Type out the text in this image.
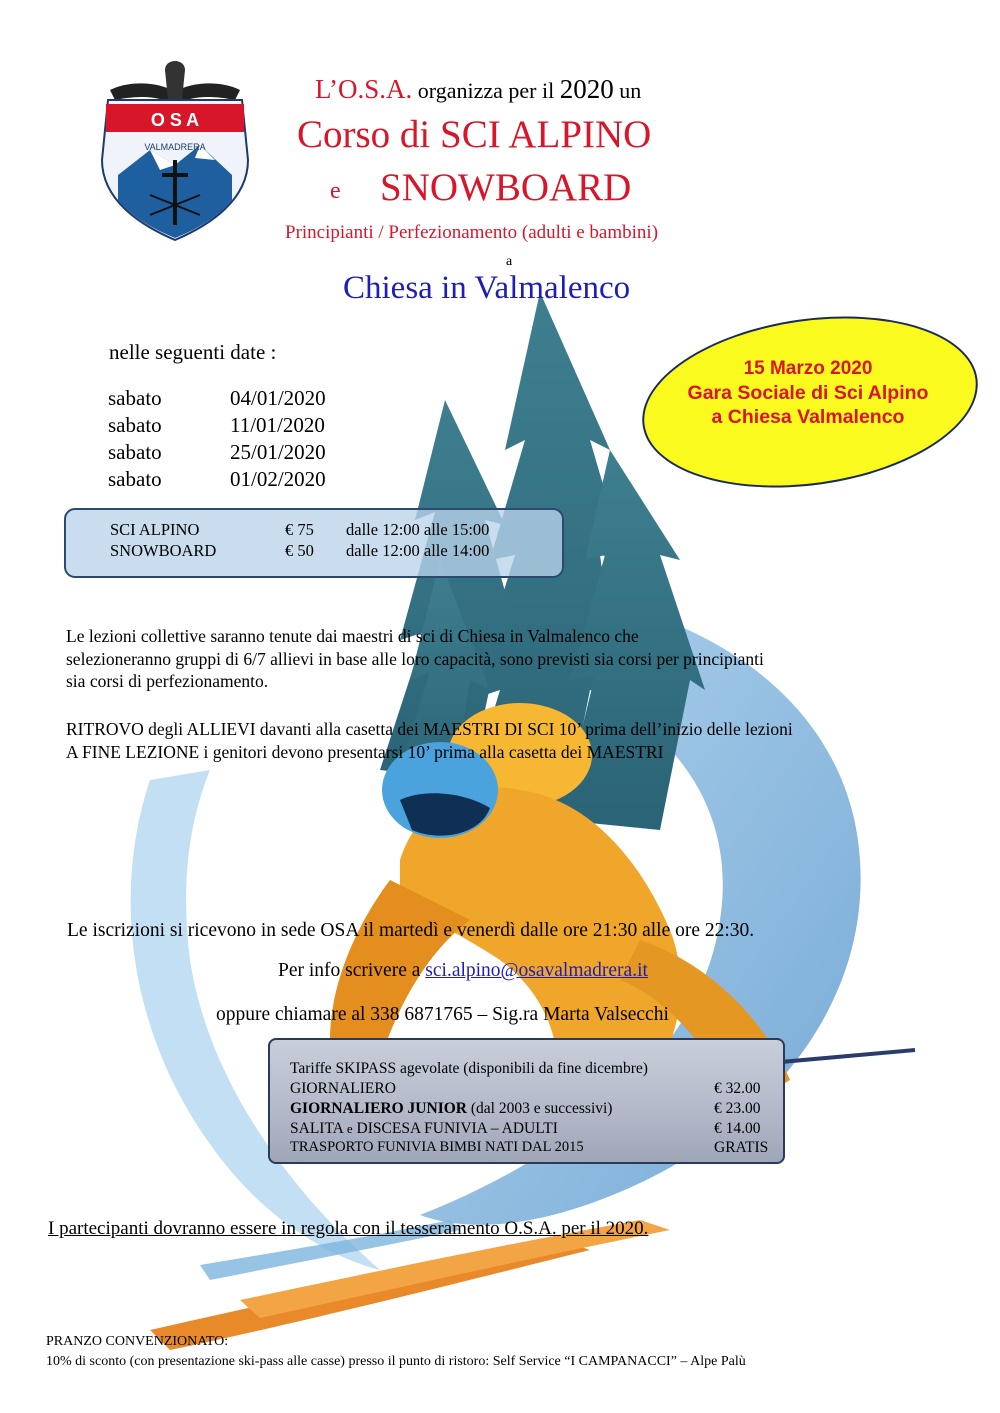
O S A
VALMADRERA
L’O.S.A. organizza per il 2020 un
Corso di SCI ALPINO
e SNOWBOARD
Principianti / Perfezionamento (adulti e bambini)
a
Chiesa in Valmalenco
nelle seguenti date :
sabato	04/01/2020
sabato	11/01/2020
sabato	25/01/2020
sabato	01/02/2020
SCI ALPINO	€ 75 dalle 12:00 alle 15:00
SNOWBOARD	€ 50 dalle 12:00 alle 14:00
15 Marzo 2020
Gara Sociale di Sci Alpino
a Chiesa Valmalenco
Le lezioni collettive saranno tenute dai maestri di sci di Chiesa in Valmalenco che
selezioneranno gruppi di 6/7 allievi in base alle loro capacità, sono previsti sia corsi per principianti
sia corsi di perfezionamento.
RITROVO degli ALLIEVI davanti alla casetta dei MAESTRI DI SCI 10’ prima dell’inizio delle lezioni
A FINE LEZIONE i genitori devono presentarsi 10’ prima alla casetta dei MAESTRI
Le iscrizioni si ricevono in sede OSA il martedì e venerdì dalle ore 21:30 alle ore 22:30.
Per info scrivere a sci.alpino@osavalmadrera.it
oppure chiamare al 338 6871765 – Sig.ra Marta Valsecchi
Tariffe SKIPASS agevolate (disponibili da fine dicembre)
GIORNALIERO	€ 32.00
GIORNALIERO JUNIOR (dal 2003 e successivi)	€ 23.00
SALITA e DISCESA FUNIVIA – ADULTI	€ 14.00
TRASPORTO FUNIVIA BIMBI NATI DAL 2015	GRATIS
I partecipanti dovranno essere in regola con il tesseramento O.S.A. per il 2020.
PRANZO CONVENZIONATO:
10% di sconto (con presentazione ski-pass alle casse) presso il punto di ristoro: Self Service “I CAMPANACCI” – Alpe Palù
